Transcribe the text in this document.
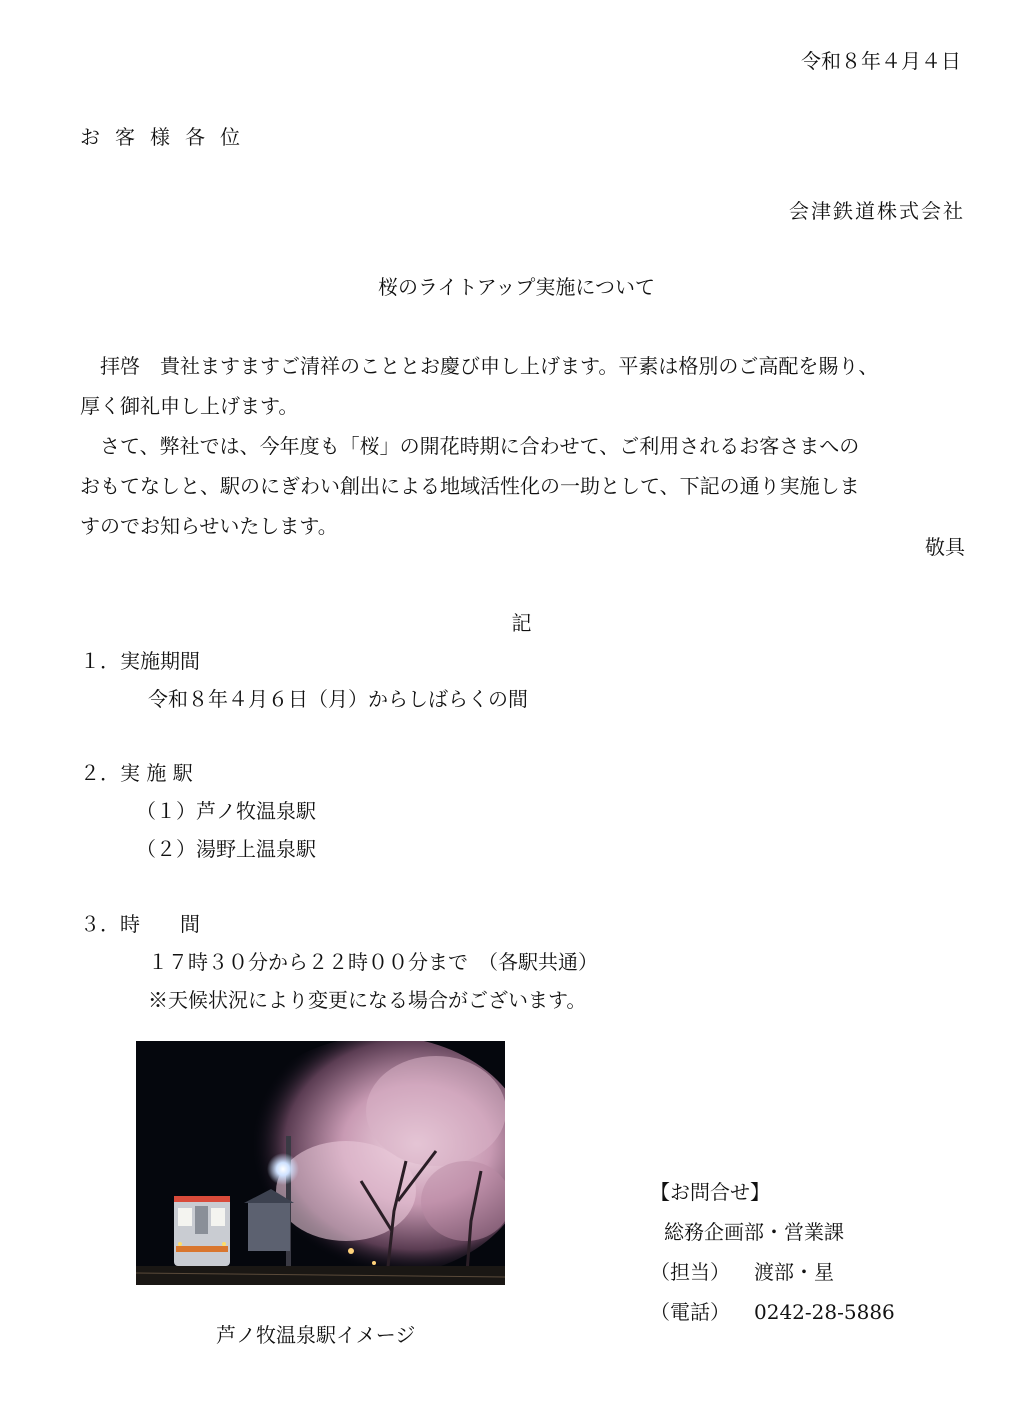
令和８年４月４日
お客様各位
会津鉄道株式会社
桜のライトアップ実施について

　拝啓　貴社ますますご清祥のこととお慶び申し上げます。平素は格別のご高配を賜り、

厚く御礼申し上げます。

　さて、弊社では、今年度も「桜」の開花時期に合わせて、ご利用されるお客さまへの

おもてなしと、駅のにぎわい創出による地域活性化の一助として、下記の通り実施しま

すのでお知らせいたします。

敬具
記
１．実施期間
令和８年４月６日（月）からしばらくの間
２．実 施 駅
（１）芦ノ牧温泉駅
（２）湯野上温泉駅
３．時　　間
１７時３０分から２２時００分まで　（各駅共通）
※天候状況により変更になる場合がございます。
芦ノ牧温泉駅イメージ
【お問合せ】
総務企画部・営業課
（担当） 渡部・星
（電話） 0242-28-5886
